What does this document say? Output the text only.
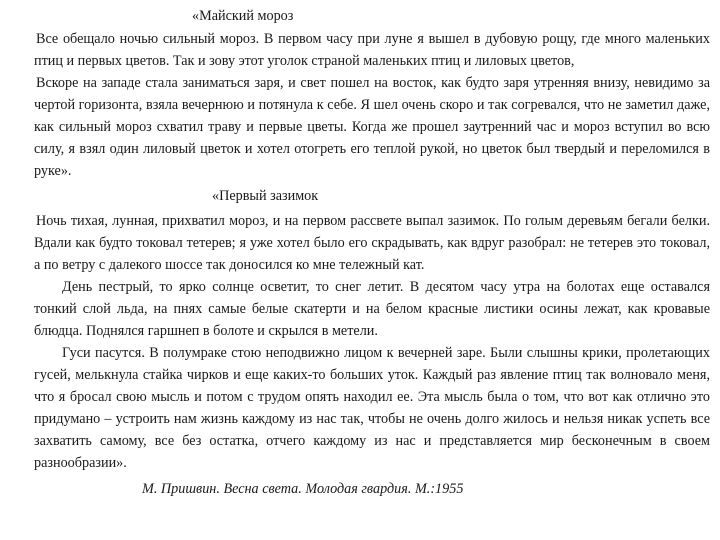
«Майский мороз

Все обещало ночью сильный мороз. В первом часу при луне я вышел в дубовую рощу, где много маленьких птиц и первых цветов. Так и зову этот уголок страной маленьких птиц и лиловых цветов,

Вскоре на западе стала заниматься заря, и свет пошел на восток, как будто заря утренняя внизу, невидимо за чертой горизонта, взяла вечернюю и потянула к себе. Я шел очень скоро и так согревался, что не заметил даже, как сильный мороз схватил траву и первые цветы. Когда же прошел заутренний час и мороз вступил во всю силу, я взял один лиловый цветок и хотел отогреть его теплой рукой, но цветок был твердый и переломился в руке».

«Первый зазимок

Ночь тихая, лунная, прихватил мороз, и на первом рассвете выпал зазимок. По голым деревьям бегали белки. Вдали как будто токовал тетерев; я уже хотел было его скрадывать, как вдруг разобрал: не тетерев это токовал, а по ветру с далекого шоссе так доносился ко мне тележный кат.

День пестрый, то ярко солнце осветит, то снег летит. В десятом часу утра на болотах еще оставался тонкий слой льда, на пнях самые белые скатерти и на белом красные листики осины лежат, как кровавые блюдца. Поднялся гаршнеп в болоте и скрылся в метели.

Гуси пасутся. В полумраке стою неподвижно лицом к вечерней заре. Были слышны крики, пролетающих гусей, мелькнула стайка чирков и еще каких-то больших уток. Каждый раз явление птиц так волновало меня, что я бросал свою мысль и потом с трудом опять находил ее. Эта мысль была о том, что вот как отлично это придумано – устроить нам жизнь каждому из нас так, чтобы не очень долго жилось и нельзя никак успеть все захватить самому, все без остатка, отчего каждому из нас и представляется мир бесконечным в своем разнообразии».

М. Пришвин. Весна света. Молодая гвардия. М.:1955
